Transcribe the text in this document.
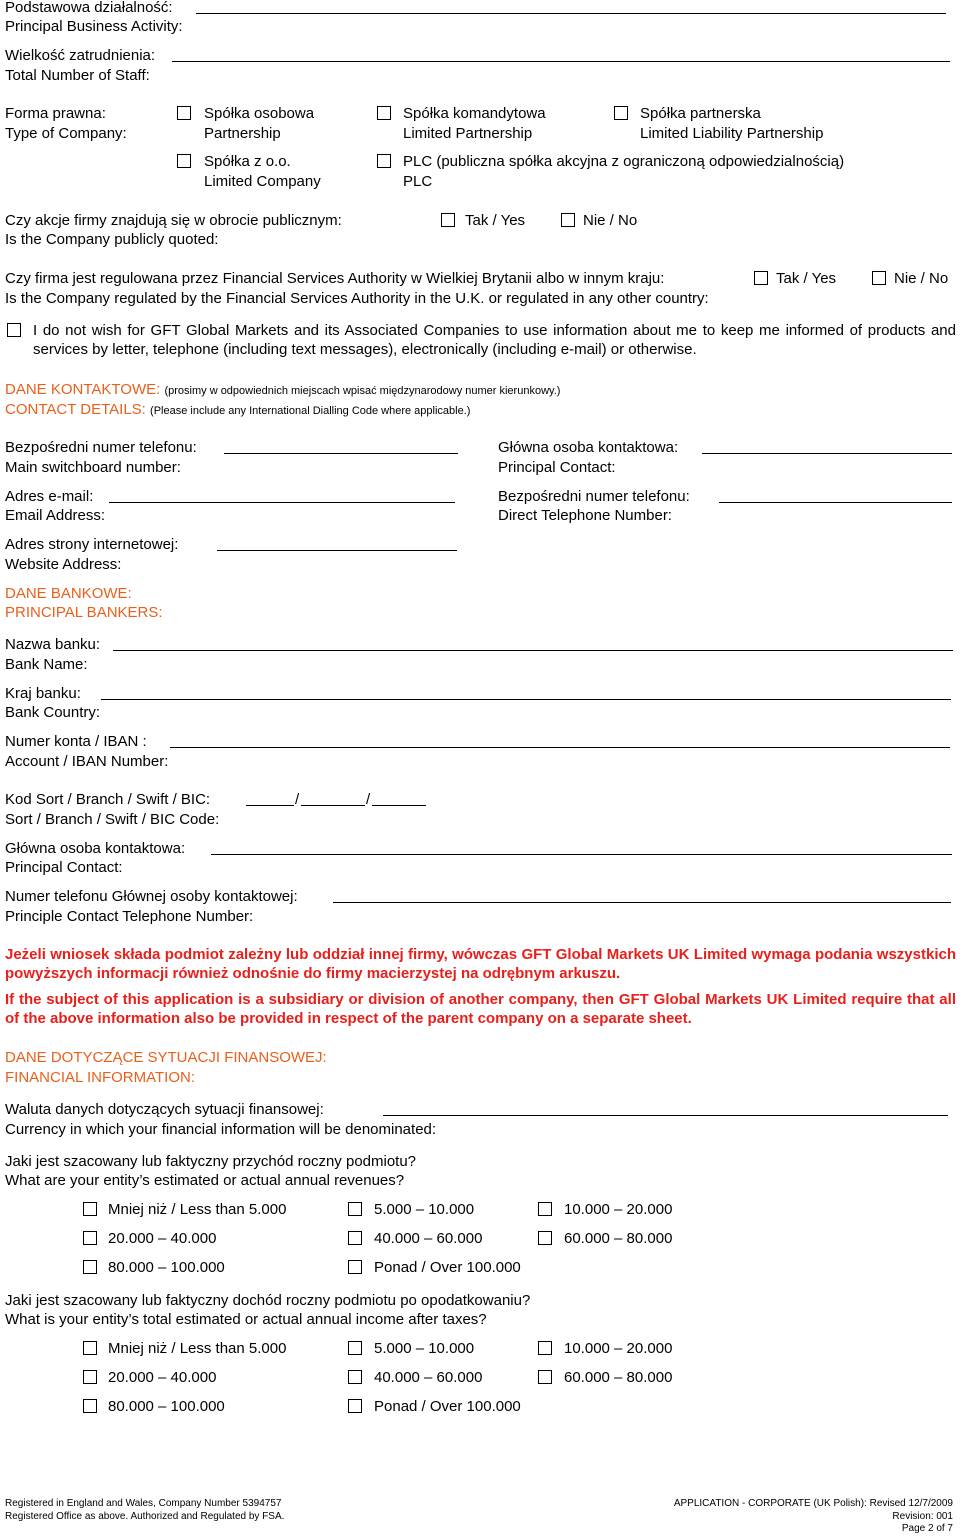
Podstawowa działalność:
Principal Business Activity:
Wielkość zatrudnienia:
Total Number of Staff:
Forma prawna:
Type of Company:
Spółka osobowa
Partnership
Spółka komandytowa
Limited Partnership
Spółka partnerska
Limited Liability Partnership
Spółka z o.o.
Limited Company
PLC (publiczna spółka akcyjna z ograniczoną odpowiedzialnością)
PLC
Czy akcje firmy znajdują się w obrocie publicznym:
Is the Company publicly quoted:
Tak / Yes	Nie / No
Czy firma jest regulowana przez Financial Services Authority w Wielkiej Brytanii albo w innym kraju:
Is the Company regulated by the Financial Services Authority in the U.K. or regulated in any other country:
Tak / Yes	Nie / No
I do not wish for GFT Global Markets and its Associated Companies to use information about me to keep me informed of products and services by letter, telephone (including text messages), electronically (including e-mail) or otherwise.
DANE KONTAKTOWE: (prosimy w odpowiednich miejscach wpisać międzynarodowy numer kierunkowy.)
CONTACT DETAILS: (Please include any International Dialling Code where applicable.)
Bezpośredni numer telefonu:
Main switchboard number:
Adres e-mail:
Email Address:
Adres strony internetowej:
Website Address:
Główna osoba kontaktowa:
Principal Contact:
Bezpośredni numer telefonu:
Direct Telephone Number:
DANE BANKOWE:
PRINCIPAL BANKERS:
Nazwa banku:
Bank Name:
Kraj banku:
Bank Country:
Numer konta / IBAN :
Account / IBAN Number:
Kod Sort / Branch / Swift / BIC:	/	/
Sort / Branch / Swift / BIC Code:
Główna osoba kontaktowa:
Principal Contact:
Numer telefonu Głównej osoby kontaktowej:
Principle Contact Telephone Number:
Jeżeli wniosek składa podmiot zależny lub oddział innej firmy, wówczas GFT Global Markets UK Limited wymaga podania wszystkich powyższych informacji również odnośnie do firmy macierzystej na odrębnym arkuszu.
If the subject of this application is a subsidiary or division of another company, then GFT Global Markets UK Limited require that all of the above information also be provided in respect of the parent company on a separate sheet.
DANE DOTYCZĄCE SYTUACJI FINANSOWEJ:
FINANCIAL INFORMATION:
Waluta danych dotyczących sytuacji finansowej:
Currency in which your financial information will be denominated:
Jaki jest szacowany lub faktyczny przychód roczny podmiotu?
What are your entity’s estimated or actual annual revenues?
Mniej niż / Less than 5.000	5.000 – 10.000	10.000 – 20.000
20.000 – 40.000	40.000 – 60.000	60.000 – 80.000
80.000 – 100.000	Ponad / Over 100.000
Jaki jest szacowany lub faktyczny dochód roczny podmiotu po opodatkowaniu?
What is your entity’s total estimated or actual annual income after taxes?
Mniej niż / Less than 5.000	5.000 – 10.000	10.000 – 20.000
20.000 – 40.000	40.000 – 60.000	60.000 – 80.000
80.000 – 100.000	Ponad / Over 100.000
Registered in England and Wales, Company Number 5394757
Registered Office as above. Authorized and Regulated by FSA.
APPLICATION - CORPORATE (UK Polish): Revised 12/7/2009
Revision: 001
Page 2 of 7
